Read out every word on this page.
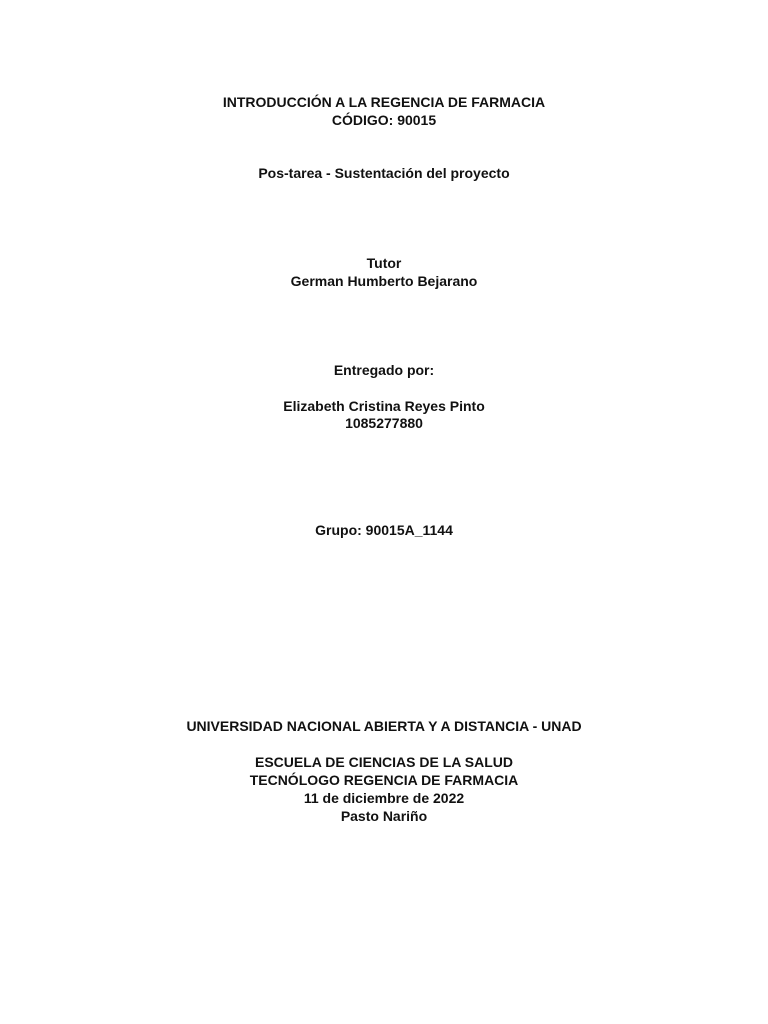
INTRODUCCIÓN A LA REGENCIA DE FARMACIA
CÓDIGO: 90015
Pos-tarea - Sustentación del proyecto
Tutor
German Humberto Bejarano
Entregado por:
Elizabeth Cristina Reyes Pinto
1085277880
Grupo: 90015A_1144
UNIVERSIDAD NACIONAL ABIERTA Y A DISTANCIA - UNAD
ESCUELA DE CIENCIAS DE LA SALUD
TECNÓLOGO REGENCIA DE FARMACIA
11 de diciembre de 2022
Pasto Nariño
